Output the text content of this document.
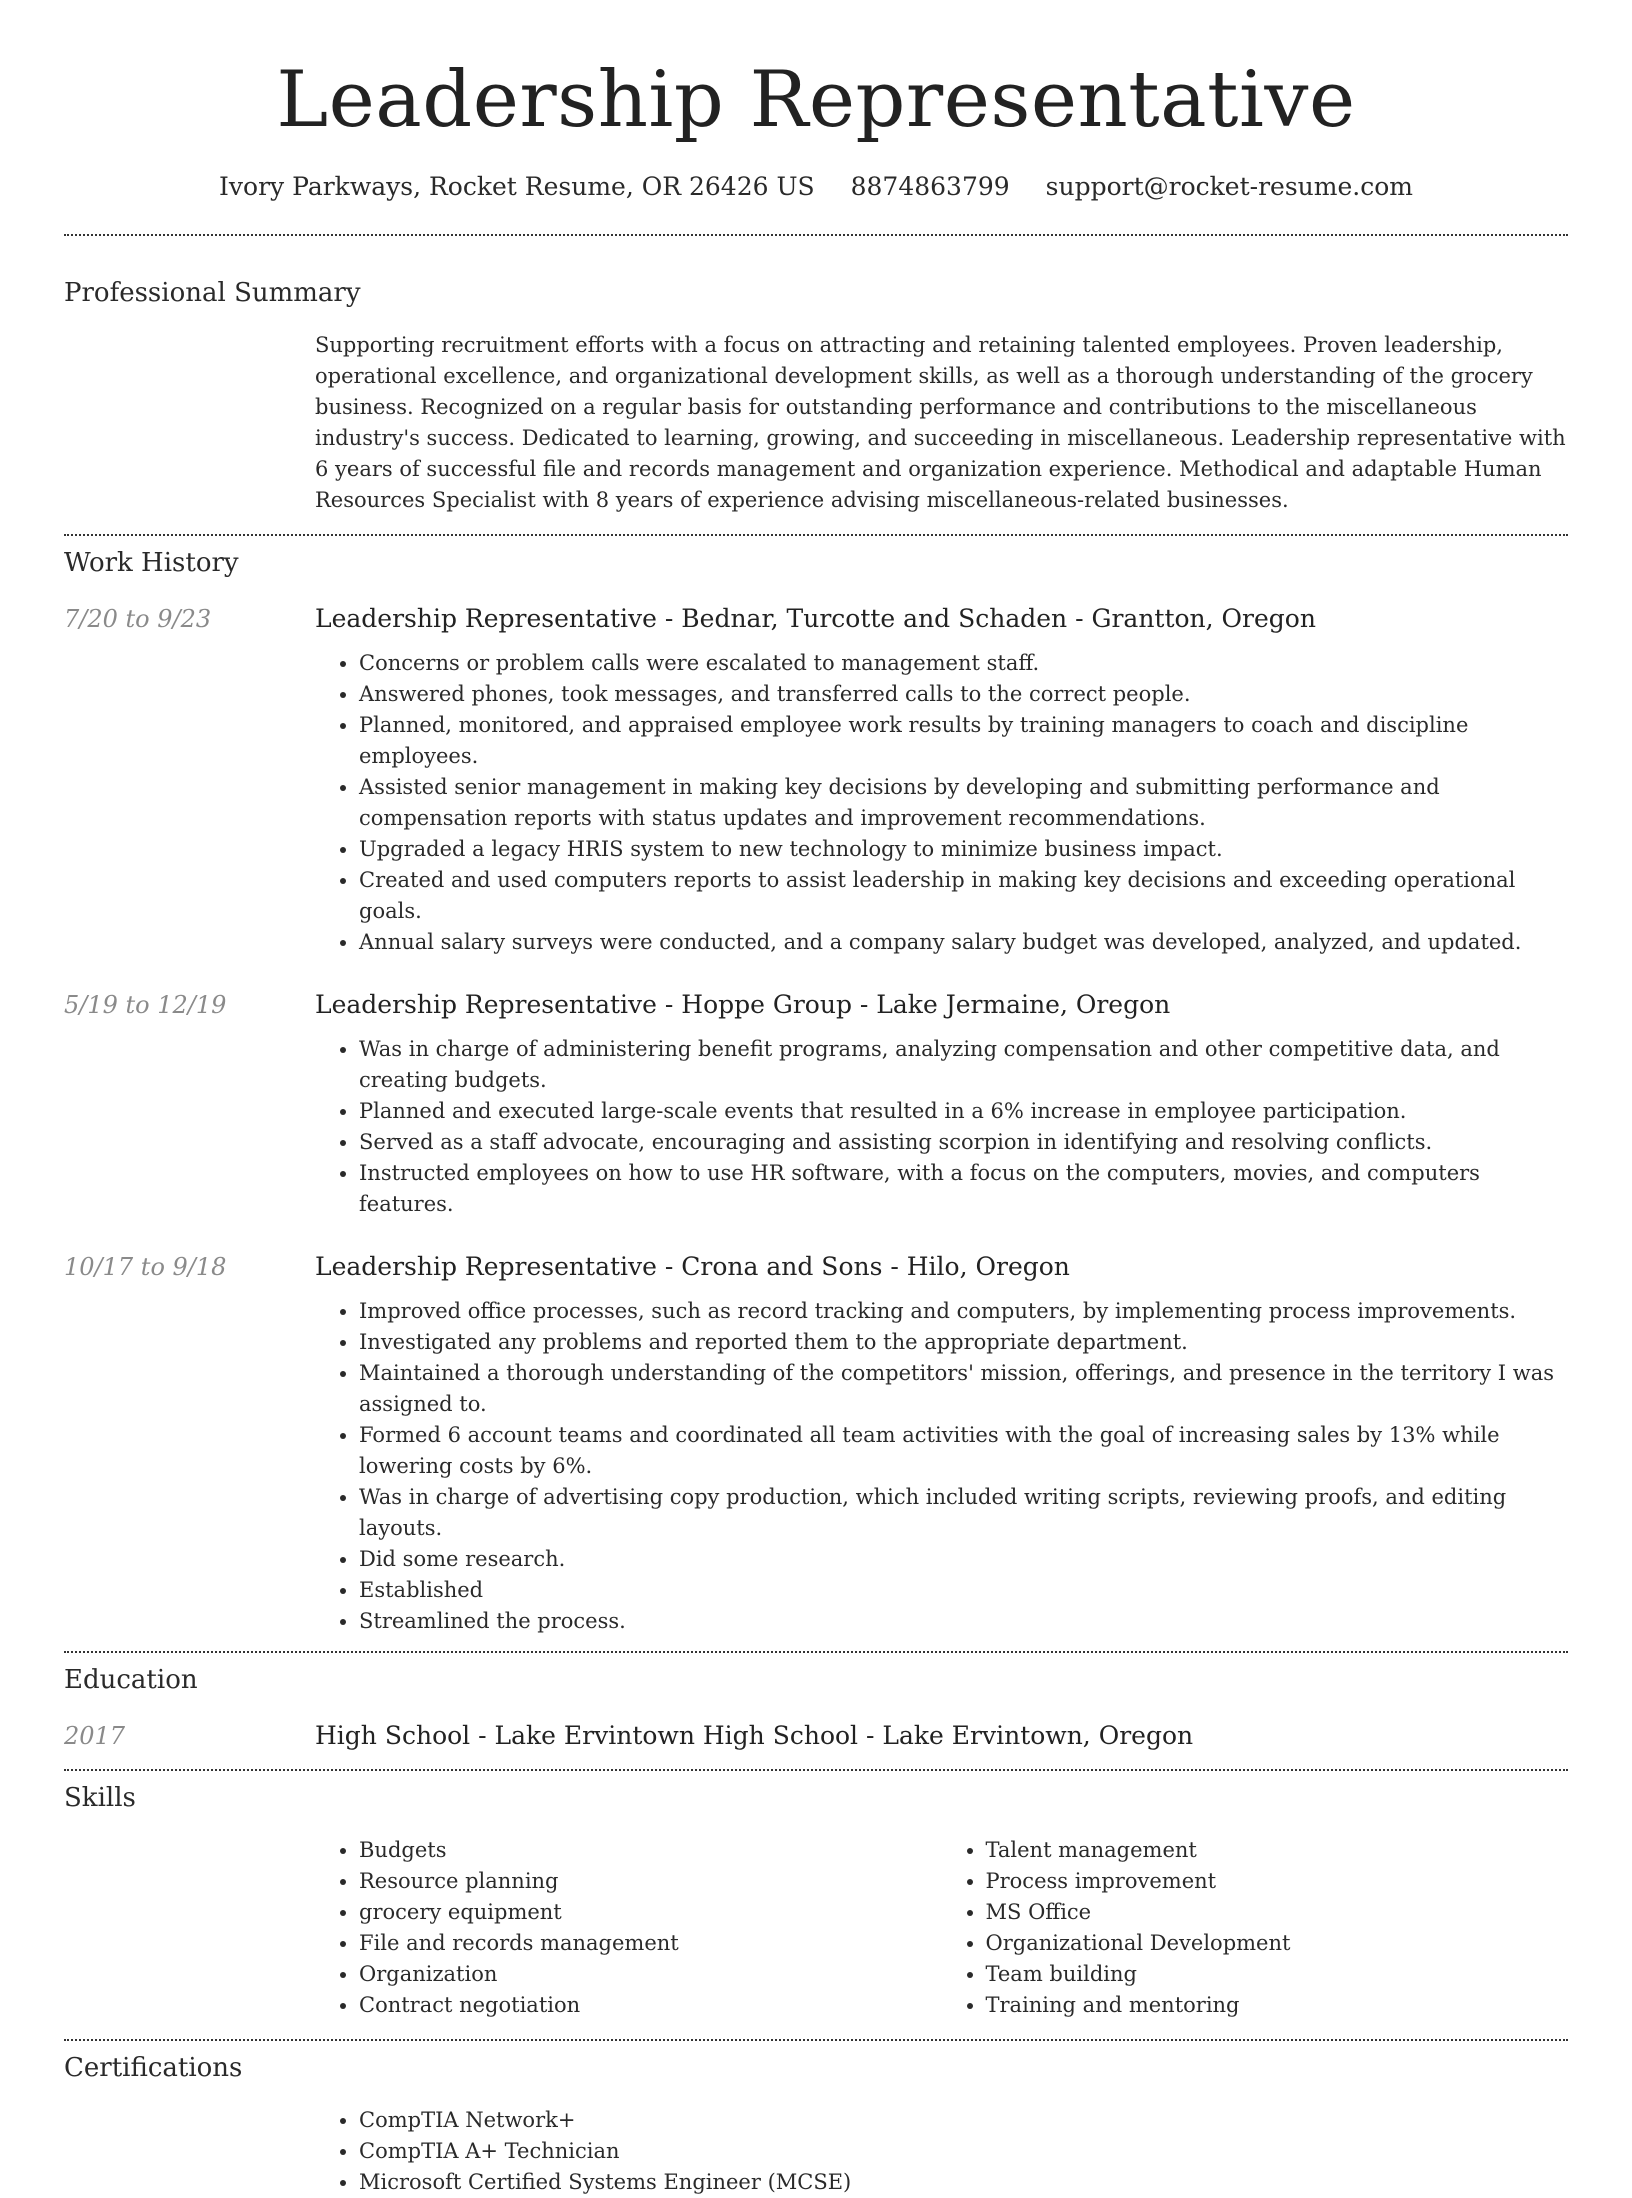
Leadership Representative
Ivory Parkways, Rocket Resume, OR 26426 US 8874863799 support@rocket-resume.com
Professional Summary

Supporting recruitment efforts with a focus on attracting and retaining talented employees. Proven leadership, operational excellence, and organizational development skills, as well as a thorough understanding of the grocery business. Recognized on a regular basis for outstanding performance and contributions to the miscellaneous industry's success. Dedicated to learning, growing, and succeeding in miscellaneous. Leadership representative with 6 years of successful file and records management and organization experience. Methodical and adaptable Human Resources Specialist with 8 years of experience advising miscellaneous-related businesses.

Work History
7/20 to 9/23	Leadership Representative - Bednar, Turcotte and Schaden - Grantton, Oregon
• Concerns or problem calls were escalated to management staff.
• Answered phones, took messages, and transferred calls to the correct people.
• Planned, monitored, and appraised employee work results by training managers to coach and discipline employees.
• Assisted senior management in making key decisions by developing and submitting performance and compensation reports with status updates and improvement recommendations.
• Upgraded a legacy HRIS system to new technology to minimize business impact.
• Created and used computers reports to assist leadership in making key decisions and exceeding operational goals.
• Annual salary surveys were conducted, and a company salary budget was developed, analyzed, and updated.
5/19 to 12/19	Leadership Representative - Hoppe Group - Lake Jermaine, Oregon
• Was in charge of administering benefit programs, analyzing compensation and other competitive data, and creating budgets.
• Planned and executed large-scale events that resulted in a 6% increase in employee participation.
• Served as a staff advocate, encouraging and assisting scorpion in identifying and resolving conflicts.
• Instructed employees on how to use HR software, with a focus on the computers, movies, and computers features.
10/17 to 9/18	Leadership Representative - Crona and Sons - Hilo, Oregon
• Improved office processes, such as record tracking and computers, by implementing process improvements.
• Investigated any problems and reported them to the appropriate department.
• Maintained a thorough understanding of the competitors' mission, offerings, and presence in the territory I was assigned to.
• Formed 6 account teams and coordinated all team activities with the goal of increasing sales by 13% while lowering costs by 6%.
• Was in charge of advertising copy production, which included writing scripts, reviewing proofs, and editing layouts.
• Did some research.
• Established
• Streamlined the process.
Education
2017	High School - Lake Ervintown High School - Lake Ervintown, Oregon
Skills
• Budgets
• Resource planning
• grocery equipment
• File and records management
• Organization
• Contract negotiation
• Talent management
• Process improvement
• MS Office
• Organizational Development
• Team building
• Training and mentoring
Certifications
• CompTIA Network+
• CompTIA A+ Technician
• Microsoft Certified Systems Engineer (MCSE)
